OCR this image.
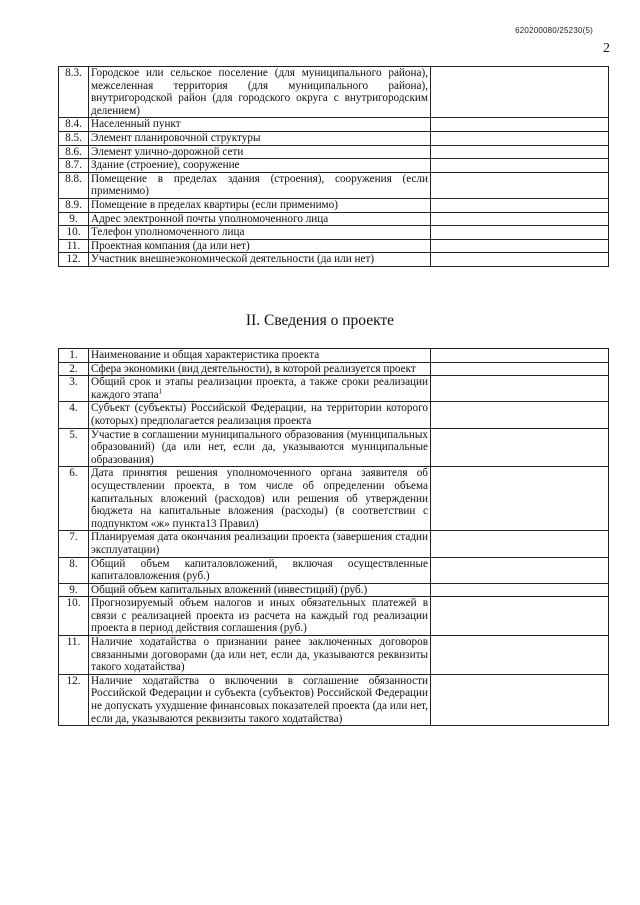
620200080/25230(5)
2
8.3.	Городское или сельское поселение (для муниципального района), межселенная территория (для муниципального района), внутригородской район (для городского округа с внутригородским делением)	
8.4.	Населенный пункт	
8.5.	Элемент планировочной структуры	
8.6.	Элемент улично-дорожной сети	
8.7.	Здание (строение), сооружение	
8.8.	Помещение в пределах здания (строения), сооружения (если применимо)	
8.9.	Помещение в пределах квартиры (если применимо)	
9.	Адрес электронной почты уполномоченного лица	
10.	Телефон уполномоченного лица	
11.	Проектная компания (да или нет)	
12.	Участник внешнеэкономической деятельности (да или нет)	
II. Сведения о проекте
1.	Наименование и общая характеристика проекта	
2.	Сфера экономики (вид деятельности), в которой реализуется проект	
3.	Общий срок и этапы реализации проекта, а также сроки реализации каждого этапа$^1$	
4.	Субъект (субъекты) Российской Федерации, на территории которого (которых) предполагается реализация проекта	
5.	Участие в соглашении муниципального образования (муниципальных образований) (да или нет, если да, указываются муниципальные образования)	
6.	Дата принятия решения уполномоченного органа заявителя об осуществлении проекта, в том числе об определении объема капитальных вложений (расходов) или решения об утверждении бюджета на капитальные вложения (расходы) (в соответствии с подпунктом «ж» пункта13 Правил)	
7.	Планируемая дата окончания реализации проекта (завершения стадии эксплуатации)	
8.	Общий объем капиталовложений, включая осуществленные капиталовложения (руб.)	
9.	Общий объем капитальных вложений (инвестиций) (руб.)	
10.	Прогнозируемый объем налогов и иных обязательных платежей в связи с реализацией проекта из расчета на каждый год реализации проекта в период действия соглашения (руб.)	
11.	Наличие ходатайства о признании ранее заключенных договоров связанными договорами (да или нет, если да, указываются реквизиты такого ходатайства)	
12.	Наличие ходатайства о включении в соглашение обязанности Российской Федерации и субъекта (субъектов) Российской Федерации не допускать ухудшение финансовых показателей проекта (да или нет, если да, указываются реквизиты такого ходатайства)	
